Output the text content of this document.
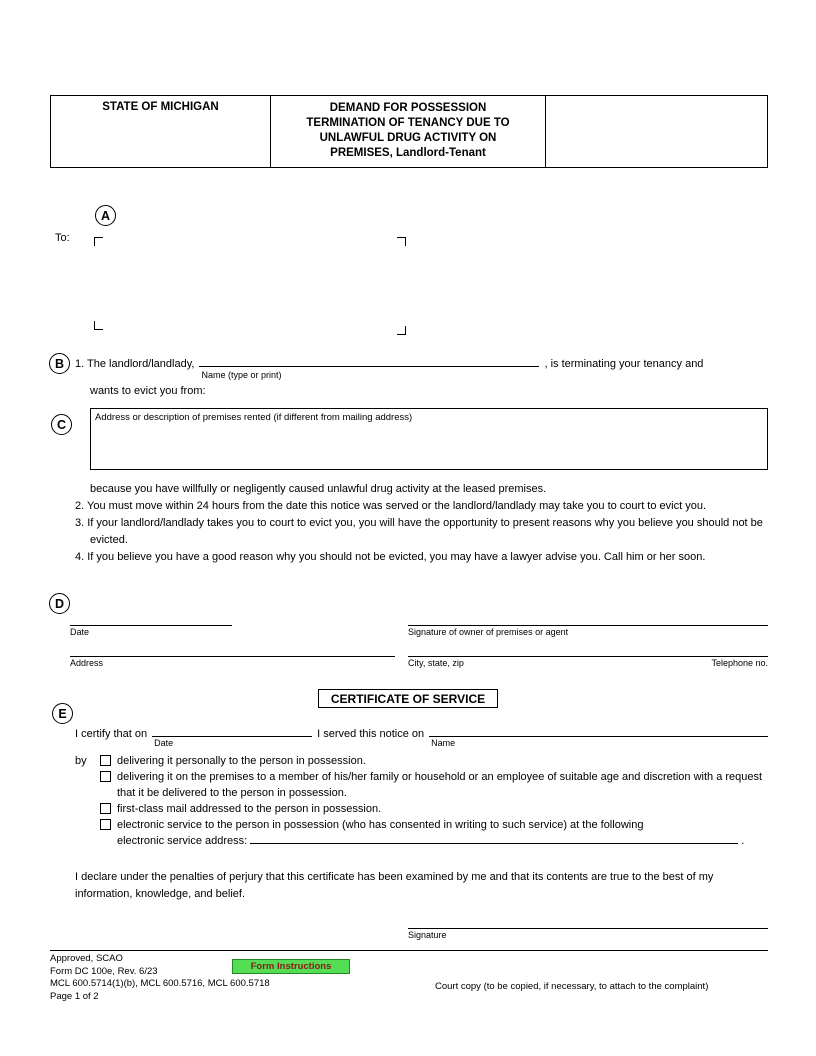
STATE OF MICHIGAN	DEMAND FOR POSSESSION
TERMINATION OF TENANCY DUE TO
UNLAWFUL DRUG ACTIVITY ON
PREMISES, Landlord-Tenant
A
To:
B 1. The landlord/landlady,
Name (type or print)
, is terminating your tenancy and
wants to evict you from:
C	Address or description of premises rented (if different from mailing address)
because you have willfully or negligently caused unlawful drug activity at the leased premises.
2. You must move within 24 hours from the date this notice was served or the landlord/landlady may take you to court to evict you.
3. If your landlord/landlady takes you to court to evict you, you will have the opportunity to present reasons why you believe you should not be evicted.
4. If you believe you have a good reason why you should not be evicted, you may have a lawyer advise you. Call him or her soon.
D
Date	Signature of owner of premises or agent
Address	City, state, zip	Telephone no.
CERTIFICATE OF SERVICE
E
I certify that on
Date
I served this notice on
Name
by	delivering it personally to the person in possession.
delivering it on the premises to a member of his/her family or household or an employee of suitable age and discretion with a request that it be delivered to the person in possession.
first-class mail addressed to the person in possession.
electronic service to the person in possession (who has consented in writing to such service) at the following
electronic service address:	.
I declare under the penalties of perjury that this certificate has been examined by me and that its contents are true to the best of my information, knowledge, and belief.
Signature
Approved, SCAO
Form DC 100e, Rev. 6/23
MCL 600.5714(1)(b), MCL 600.5716, MCL 600.5718
Page 1 of 2
Form Instructions
Court copy (to be copied, if necessary, to attach to the complaint)
